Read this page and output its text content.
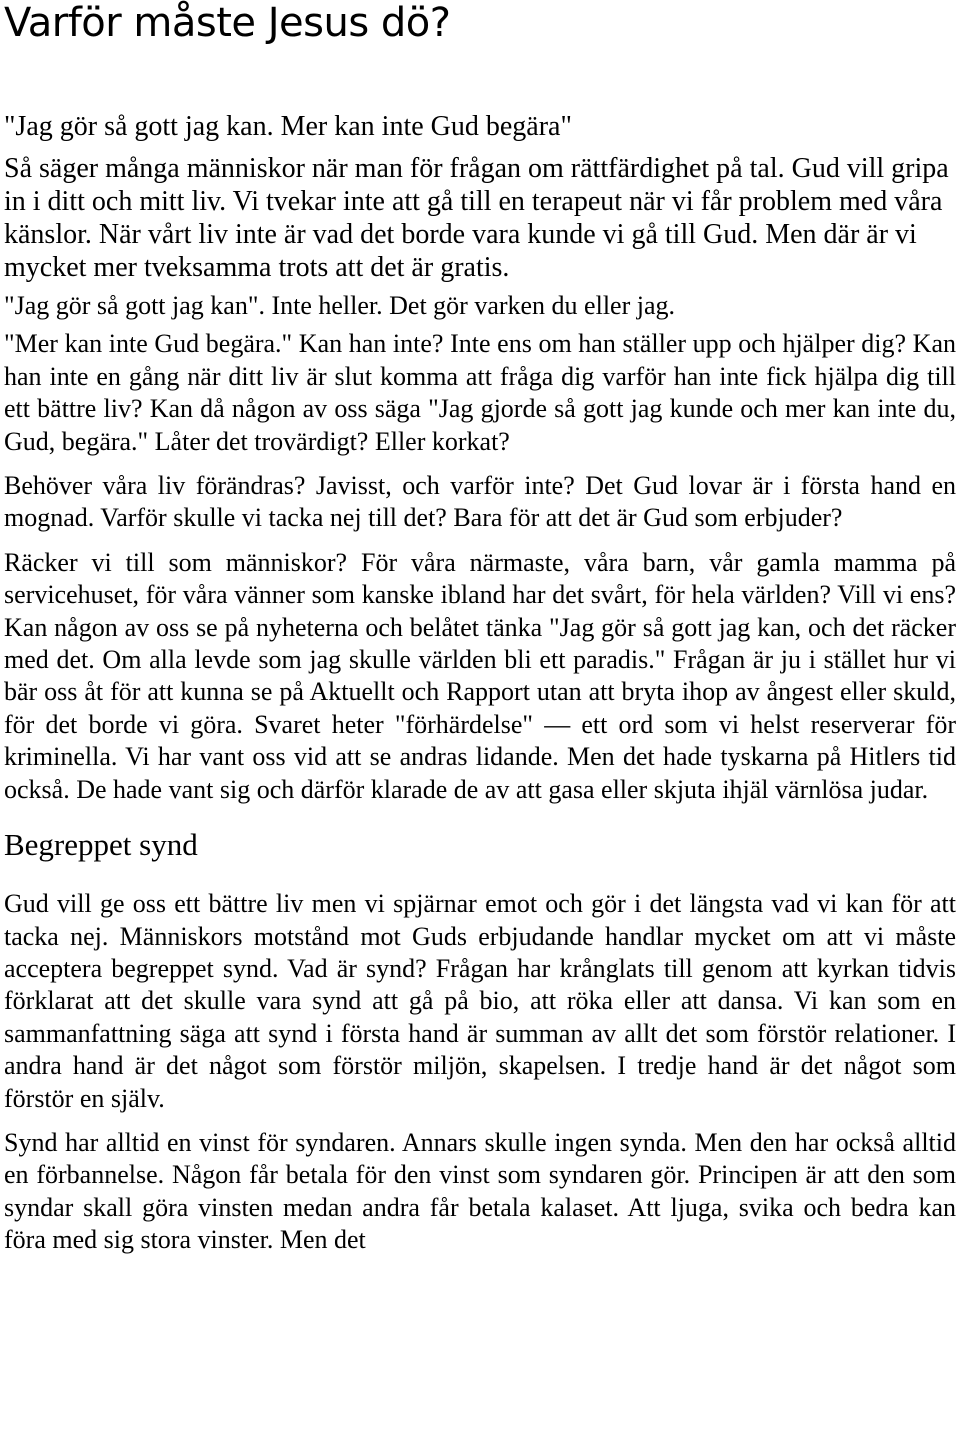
Varför måste Jesus dö?

"Jag gör så gott jag kan. Mer kan inte Gud begära"

Så säger många människor när man för frågan om rättfärdighet på tal. Gud vill gripa in i ditt och mitt liv. Vi tvekar inte att gå till en terapeut när vi får problem med våra känslor. När vårt liv inte är vad det borde vara kunde vi gå till Gud. Men där är vi mycket mer tveksamma trots att det är gratis.

"Jag gör så gott jag kan". Inte heller. Det gör varken du eller jag.

"Mer kan inte Gud begära." Kan han inte? Inte ens om han ställer upp och hjälper dig? Kan han inte en gång när ditt liv är slut komma att fråga dig varför han inte fick hjälpa dig till ett bättre liv? Kan då någon av oss säga "Jag gjorde så gott jag kunde och mer kan inte du, Gud, begära." Låter det trovärdigt? Eller korkat?

Behöver våra liv förändras? Javisst, och varför inte? Det Gud lovar är i första hand en mognad. Varför skulle vi tacka nej till det? Bara för att det är Gud som erbjuder?

Räcker vi till som människor? För våra närmaste, våra barn, vår gamla mamma på servicehuset, för våra vänner som kanske ibland har det svårt, för hela världen? Vill vi ens? Kan någon av oss se på nyheterna och belåtet tänka "Jag gör så gott jag kan, och det räcker med det. Om alla levde som jag skulle världen bli ett paradis." Frågan är ju i stället hur vi bär oss åt för att kunna se på Aktuellt och Rapport utan att bryta ihop av ångest eller skuld, för det borde vi göra. Svaret heter "förhärdelse" — ett ord som vi helst reserverar för kriminella. Vi har vant oss vid att se andras lidande. Men det hade tyskarna på Hitlers tid också. De hade vant sig och därför klarade de av att gasa eller skjuta ihjäl värnlösa judar.

Begreppet synd

Gud vill ge oss ett bättre liv men vi spjärnar emot och gör i det längsta vad vi kan för att tacka nej. Människors motstånd mot Guds erbjudande handlar mycket om att vi måste acceptera begreppet synd. Vad är synd? Frågan har krånglats till genom att kyrkan tidvis förklarat att det skulle vara synd att gå på bio, att röka eller att dansa. Vi kan som en sammanfattning säga att synd i första hand är summan av allt det som förstör relationer. I andra hand är det något som förstör miljön, skapelsen. I tredje hand är det något som förstör en själv.

Synd har alltid en vinst för syndaren. Annars skulle ingen synda. Men den har också alltid en förbannelse. Någon får betala för den vinst som syndaren gör. Principen är att den som syndar skall göra vinsten medan andra får betala kalaset. Att ljuga, svika och bedra kan föra med sig stora vinster. Men det
